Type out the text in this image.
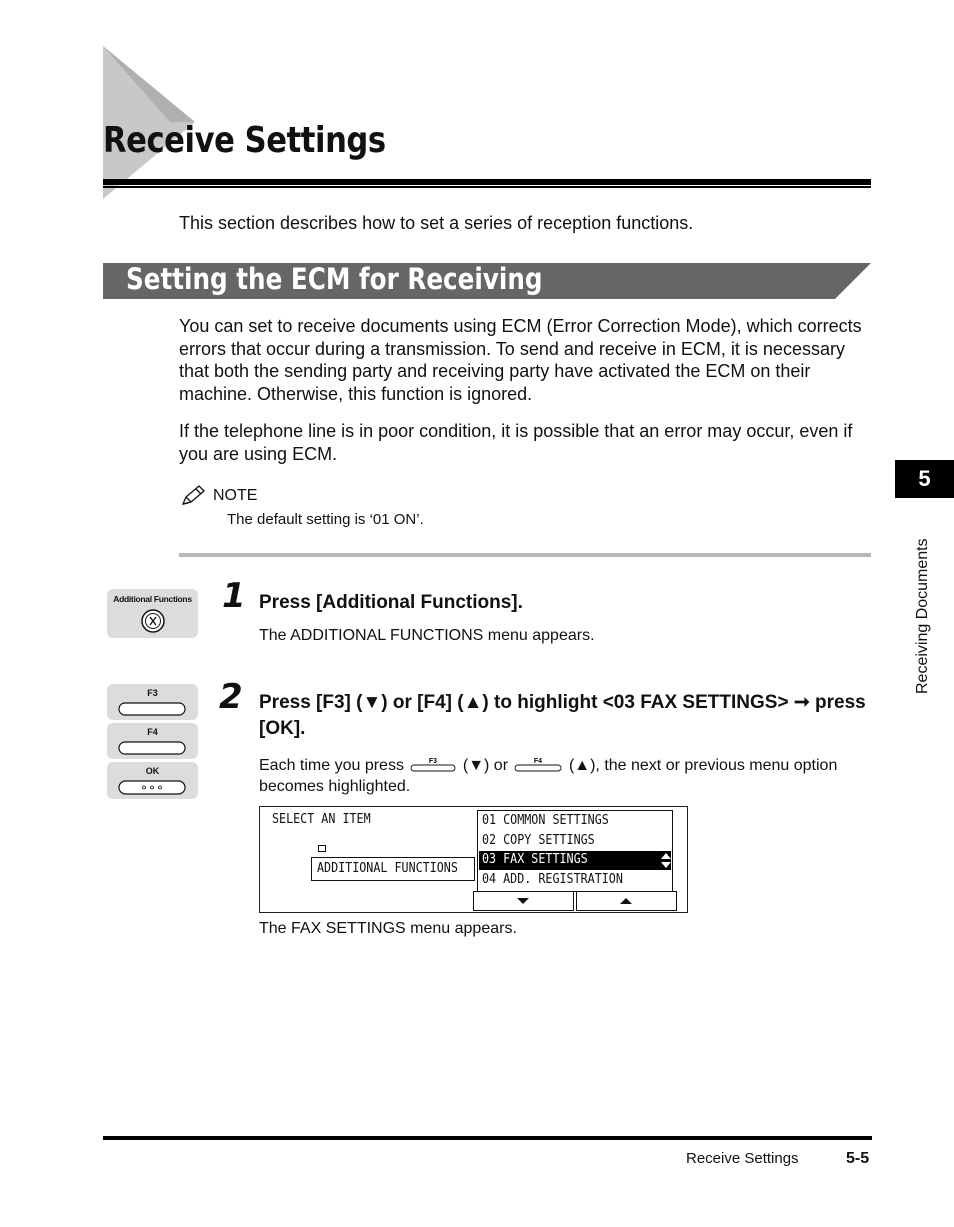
Receive Settings
This section describes how to set a series of reception functions.
Setting the ECM for Receiving
You can set to receive documents using ECM (Error Correction Mode), which corrects errors that occur during a transmission. To send and receive in ECM, it is necessary that both the sending party and receiving party have activated the ECM on their machine. Otherwise, this function is ignored.
If the telephone line is in poor condition, it is possible that an error may occur, even if you are using ECM.
NOTE
The default setting is ‘01 ON’.
Additional Functions 1 Press [Additional Functions].
The ADDITIONAL FUNCTIONS menu appears.
F3
F4
OK
2 Press [F3] (▼) or [F4] (▲) to highlight <03 FAX SETTINGS> ➞ press [OK].
Each time you press	F3 (▼) or	F4 (▲), the next or previous menu option becomes highlighted.
SELECT AN ITEM
ADDITIONAL FUNCTIONS
01 COMMON SETTINGS
02 COPY SETTINGS
03 FAX SETTINGS
04 ADD. REGISTRATION
The FAX SETTINGS menu appears.
5
Receiving Documents
Receive Settings	5-5
